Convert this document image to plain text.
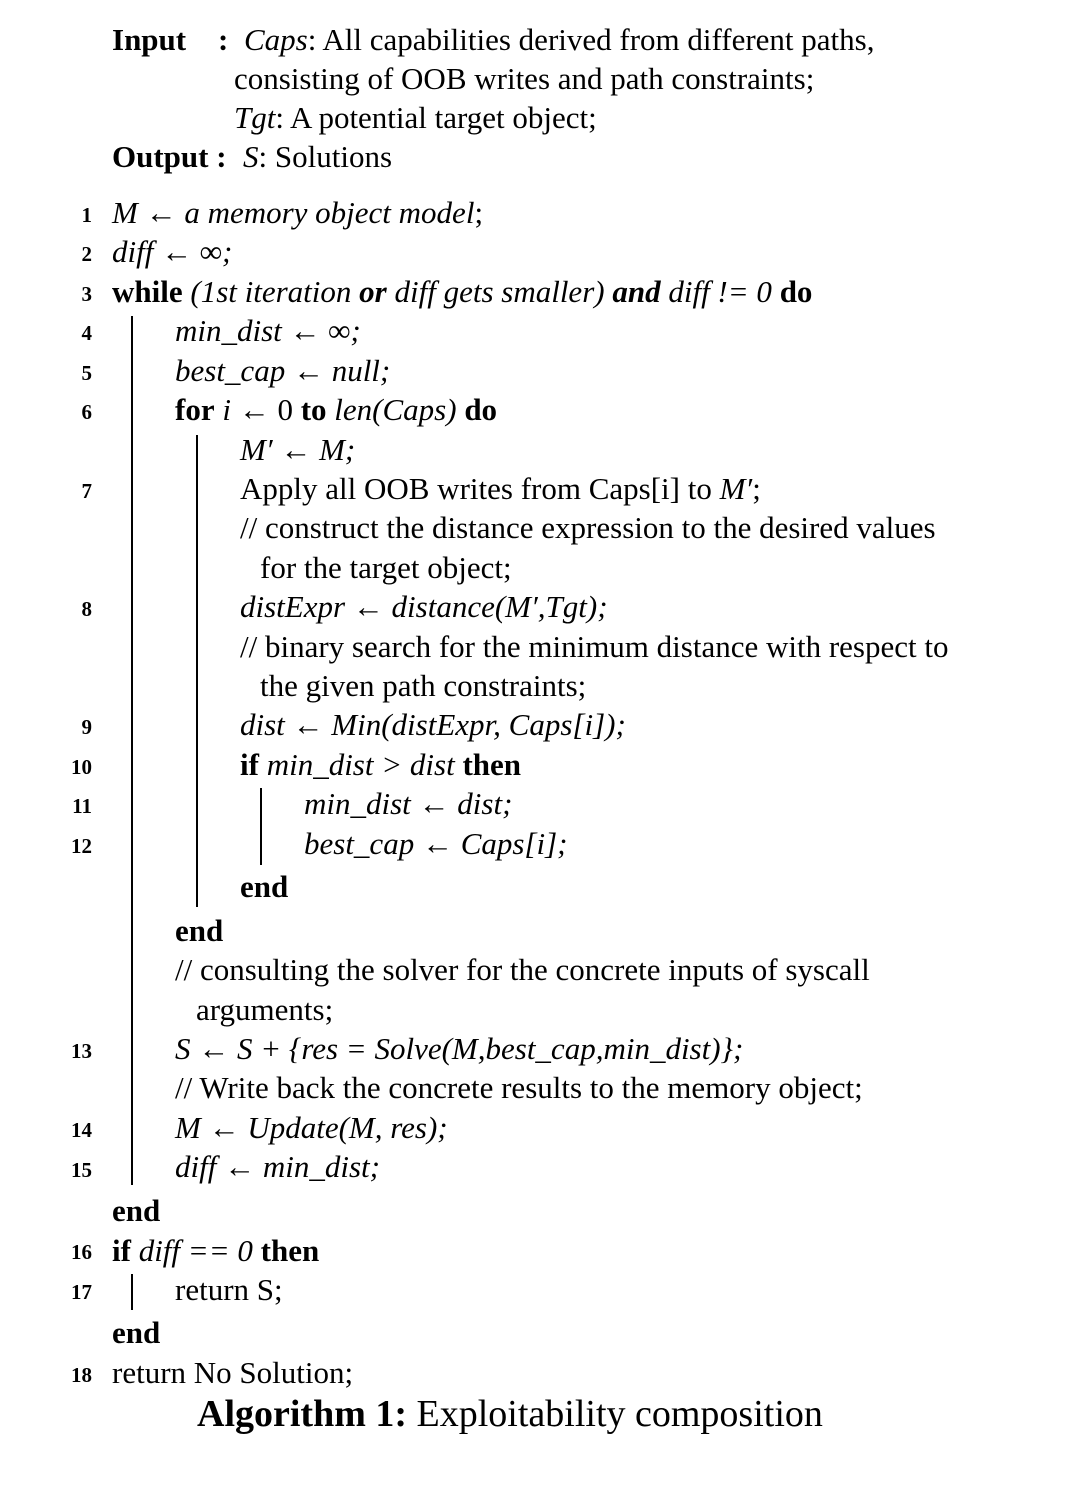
Input : Caps: All capabilities derived from different paths,
consisting of OOB writes and path constraints;
Tgt: A potential target object;
Output : S: Solutions
1
2
3
4
5
6
7
8
9
10
11
12
13
14
15
16
17
18
M ← a memory object model;
diff ← ∞;
while (1st iteration or diff gets smaller) and diff != 0 do
min_dist ← ∞;
best_cap ← null;
for i ← 0 to len(Caps) do
M′ ← M;
Apply all OOB writes from Caps[i] to M′;
// construct the distance expression to the desired values
for the target object;
distExpr ← distance(M′,Tgt);
// binary search for the minimum distance with respect to
the given path constraints;
dist ← Min(distExpr, Caps[i]);
if min_dist > dist then
min_dist ← dist;
best_cap ← Caps[i];
end
end
// consulting the solver for the concrete inputs of syscall
arguments;
S ← S + {res = Solve(M,best_cap,min_dist)};
// Write back the concrete results to the memory object;
M ← Update(M, res);
diff ← min_dist;
end
if diff == 0 then
return S;
end
return No Solution;
Algorithm 1: Exploitability composition
